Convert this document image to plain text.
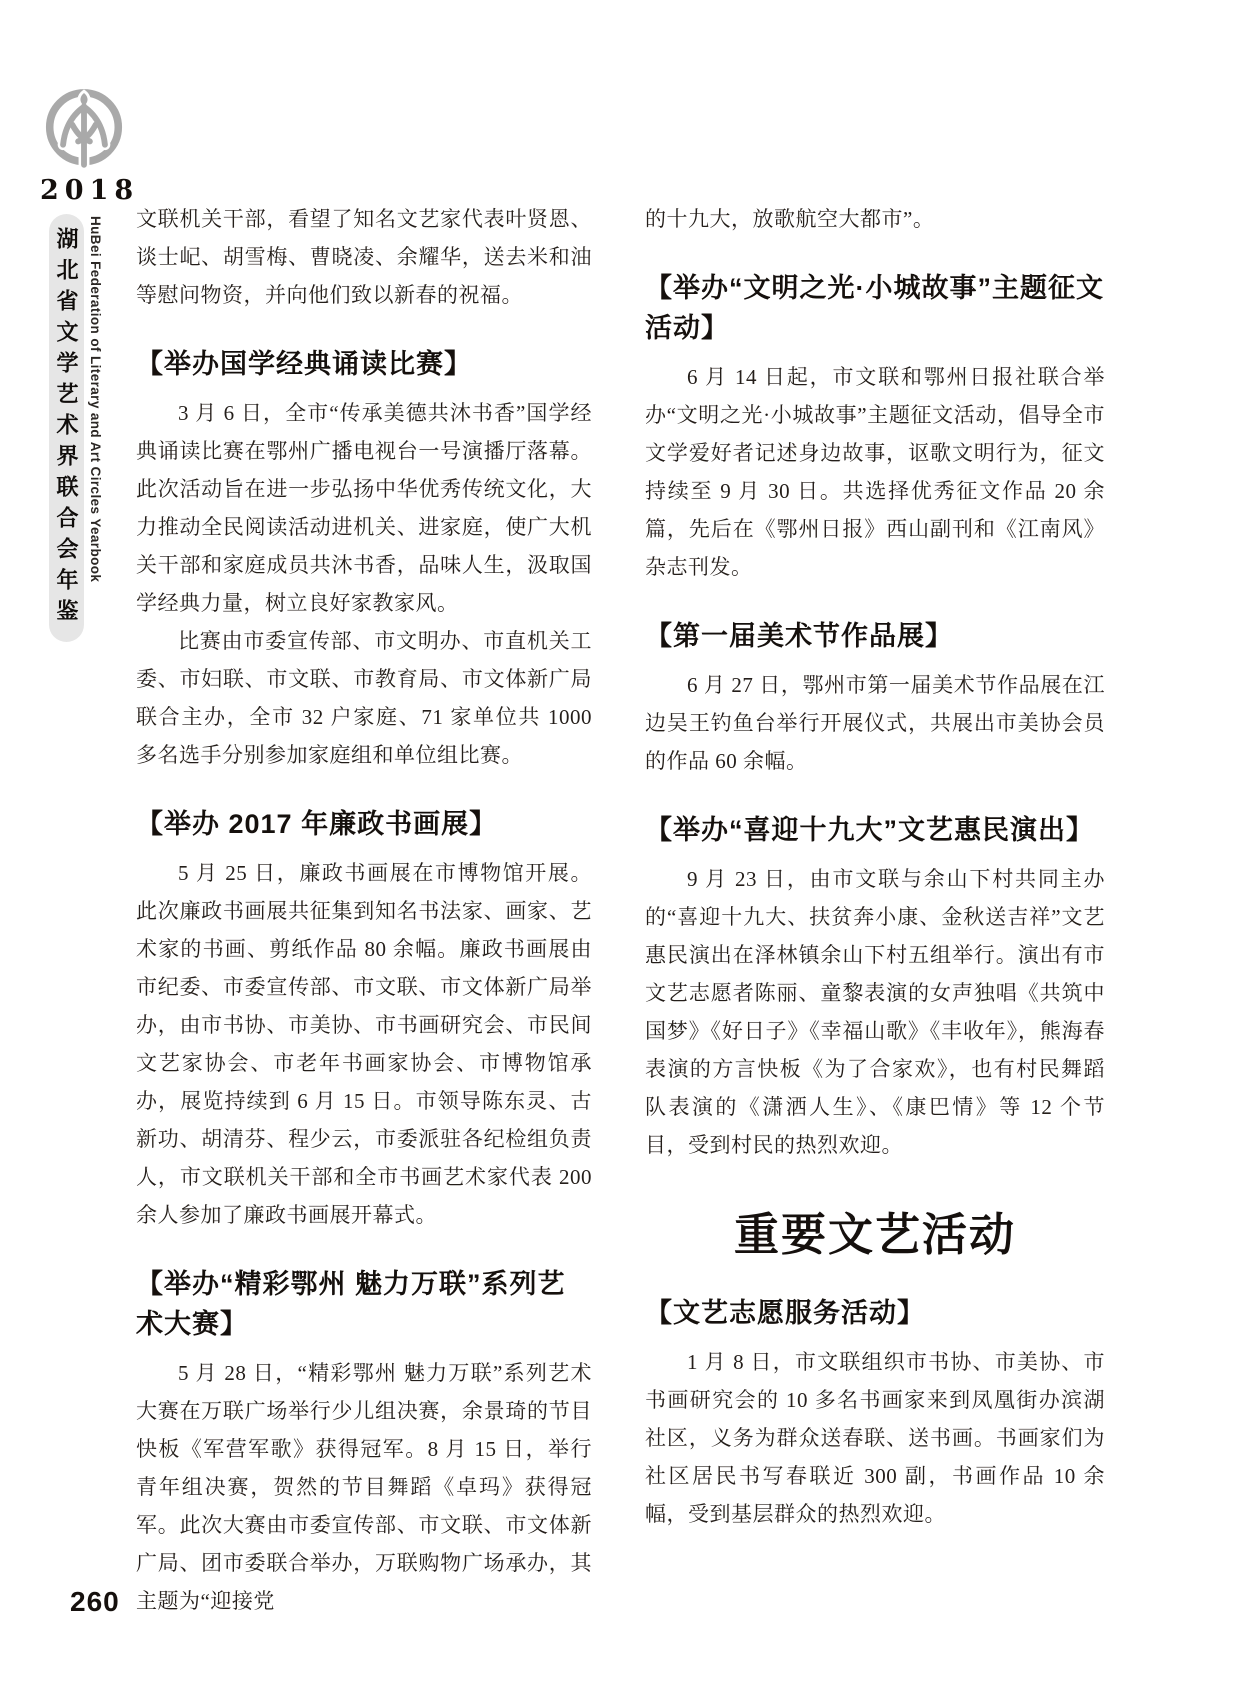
2018
湖北省文学艺术界联合会年鉴 HuBei Federation of Literary and Art Circles Yearbook 文联机关干部，看望了知名文艺家代表叶贤恩、谈士屺、胡雪梅、曹晓凌、余耀华，送去米和油等慰问物资，并向他们致以新春的祝福。

【举办国学经典诵读比赛】

3 月 6 日，全市“传承美德共沐书香”国学经典诵读比赛在鄂州广播电视台一号演播厅落幕。此次活动旨在进一步弘扬中华优秀传统文化，大力推动全民阅读活动进机关、进家庭，使广大机关干部和家庭成员共沐书香，品味人生，汲取国学经典力量，树立良好家教家风。

比赛由市委宣传部、市文明办、市直机关工委、市妇联、市文联、市教育局、市文体新广局联合主办，全市 32 户家庭、71 家单位共 1000 多名选手分别参加家庭组和单位组比赛。

【举办 2017 年廉政书画展】

5 月 25 日，廉政书画展在市博物馆开展。此次廉政书画展共征集到知名书法家、画家、艺术家的书画、剪纸作品 80 余幅。廉政书画展由市纪委、市委宣传部、市文联、市文体新广局举办，由市书协、市美协、市书画研究会、市民间文艺家协会、市老年书画家协会、市博物馆承办，展览持续到 6 月 15 日。市领导陈东灵、古新功、胡清芬、程少云，市委派驻各纪检组负责人，市文联机关干部和全市书画艺术家代表 200 余人参加了廉政书画展开幕式。

【举办“精彩鄂州 魅力万联”系列艺术大赛】

5 月 28 日，“精彩鄂州 魅力万联”系列艺术大赛在万联广场举行少儿组决赛，余景琦的节目快板《军营军歌》获得冠军。8 月 15 日，举行青年组决赛，贺然的节目舞蹈《卓玛》获得冠军。此次大赛由市委宣传部、市文联、市文体新广局、团市委联合举办，万联购物广场承办，其主题为“迎接党

的十九大，放歌航空大都市”。

【举办“文明之光·小城故事”主题征文活动】

6 月 14 日起，市文联和鄂州日报社联合举办“文明之光·小城故事”主题征文活动，倡导全市文学爱好者记述身边故事，讴歌文明行为，征文持续至 9 月 30 日。共选择优秀征文作品 20 余篇，先后在《鄂州日报》西山副刊和《江南风》杂志刊发。

【第一届美术节作品展】

6 月 27 日，鄂州市第一届美术节作品展在江边吴王钓鱼台举行开展仪式，共展出市美协会员的作品 60 余幅。

【举办“喜迎十九大”文艺惠民演出】

9 月 23 日，由市文联与余山下村共同主办的“喜迎十九大、扶贫奔小康、金秋送吉祥”文艺惠民演出在泽林镇余山下村五组举行。演出有市文艺志愿者陈丽、童黎表演的女声独唱《共筑中国梦》《好日子》《幸福山歌》《丰收年》，熊海春表演的方言快板《为了合家欢》，也有村民舞蹈队表演的《潇洒人生》、《康巴情》等 12 个节目，受到村民的热烈欢迎。

重要文艺活动
【文艺志愿服务活动】

1 月 8 日，市文联组织市书协、市美协、市书画研究会的 10 多名书画家来到凤凰街办滨湖社区，义务为群众送春联、送书画。书画家们为社区居民书写春联近 300 副，书画作品 10 余幅，受到基层群众的热烈欢迎。

260
